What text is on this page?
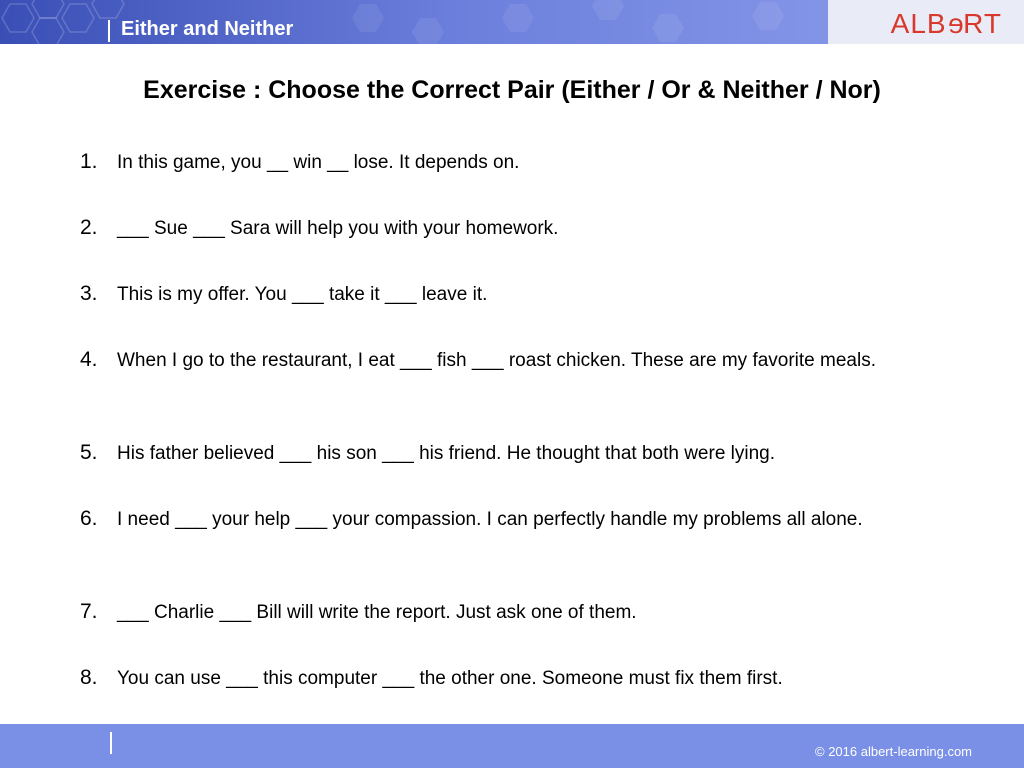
Either and Neither	ALBeRT
Exercise : Choose the Correct Pair (Either / Or & Neither / Nor)
1.	In this game, you __ win __ lose. It depends on.
2.	___ Sue ___ Sara will help you with your homework.
3.	This is my offer. You ___ take it ___ leave it.
4.	When I go to the restaurant, I eat ___ fish ___ roast chicken. These are my favorite meals.
5.	His father believed ___ his son ___ his friend. He thought that both were lying.
6.	I need ___ your help ___ your compassion. I can perfectly handle my problems all alone.
7.	___ Charlie ___ Bill will write the report. Just ask one of them.
8.	You can use ___ this computer ___ the other one. Someone must fix them first.
© 2016 albert-learning.com
